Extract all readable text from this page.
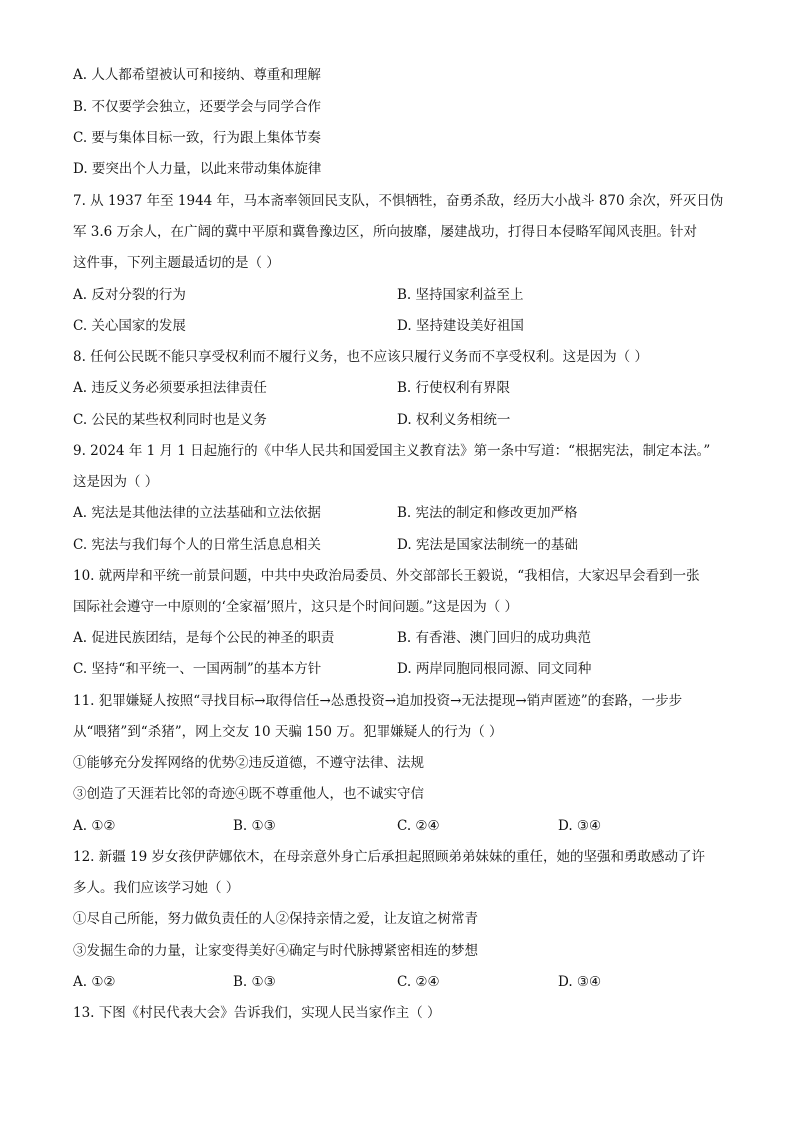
A. 人人都希望被认可和接纳、尊重和理解
B. 不仅要学会独立，还要学会与同学合作
C. 要与集体目标一致，行为跟上集体节奏
D. 要突出个人力量，以此来带动集体旋律
7. 从 1937 年至 1944 年，马本斋率领回民支队，不惧牺牲，奋勇杀敌，经历大小战斗 870 余次，歼灭日伪
军 3.6 万余人，在广阔的冀中平原和冀鲁豫边区，所向披靡，屡建战功，打得日本侵略军闻风丧胆。针对
这件事，下列主题最适切的是（ ）
A. 反对分裂的行为	B. 坚持国家利益至上
C. 关心国家的发展	D. 坚持建设美好祖国
8. 任何公民既不能只享受权利而不履行义务，也不应该只履行义务而不享受权利。这是因为（ ）
A. 违反义务必须要承担法律责任	B. 行使权利有界限
C. 公民的某些权利同时也是义务	D. 权利义务相统一
9. 2024 年 1 月 1 日起施行的《中华人民共和国爱国主义教育法》第一条中写道：“根据宪法，制定本法。”
这是因为（ ）
A. 宪法是其他法律的立法基础和立法依据	B. 宪法的制定和修改更加严格
C. 宪法与我们每个人的日常生活息息相关	D. 宪法是国家法制统一的基础
10. 就两岸和平统一前景问题，中共中央政治局委员、外交部部长王毅说，“我相信，大家迟早会看到一张
国际社会遵守一中原则的‘全家福’照片，这只是个时间问题。”这是因为（ ）
A. 促进民族团结，是每个公民的神圣的职责	B. 有香港、澳门回归的成功典范
C. 坚持“和平统一、一国两制”的基本方针	D. 两岸同胞同根同源、同文同种
11. 犯罪嫌疑人按照“寻找目标→取得信任→怂恿投资→追加投资→无法提现→销声匿迹”的套路，一步步
从“喂猪”到“杀猪”，网上交友 10 天骗 150 万。犯罪嫌疑人的行为（ ）
①能够充分发挥网络的优势②违反道德，不遵守法律、法规
③创造了天涯若比邻的奇迹④既不尊重他人，也不诚实守信
A. ①②	B. ①③	C. ②④	D. ③④
12. 新疆 19 岁女孩伊萨娜依木，在母亲意外身亡后承担起照顾弟弟妹妹的重任，她的坚强和勇敢感动了许
多人。我们应该学习她（ ）
①尽自己所能，努力做负责任的人②保持亲情之爱，让友谊之树常青
③发掘生命的力量，让家变得美好④确定与时代脉搏紧密相连的梦想
A. ①②	B. ①③	C. ②④	D. ③④
13. 下图《村民代表大会》告诉我们，实现人民当家作主（ ）
